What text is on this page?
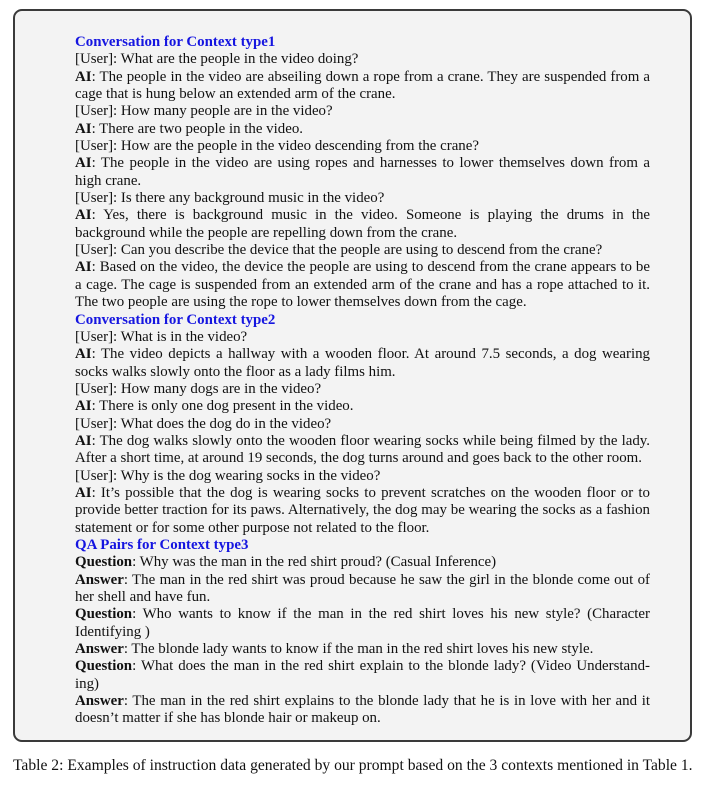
Conversation for Context type1
[User]: What are the people in the video doing?
AI: The people in the video are abseiling down a rope from a crane. They are suspended from a cage that is hung below an extended arm of the crane.
[User]: How many people are in the video?
AI: There are two people in the video.
[User]: How are the people in the video descending from the crane?
AI: The people in the video are using ropes and harnesses to lower themselves down from a high crane.
[User]: Is there any background music in the video?
AI: Yes, there is background music in the video. Someone is playing the drums in the background while the people are repelling down from the crane.
[User]: Can you describe the device that the people are using to descend from the crane?
AI: Based on the video, the device the people are using to descend from the crane appears to be a cage. The cage is suspended from an extended arm of the crane and has a rope attached to it. The two people are using the rope to lower themselves down from the cage.
Conversation for Context type2
[User]: What is in the video?
AI: The video depicts a hallway with a wooden floor. At around 7.5 seconds, a dog wearing socks walks slowly onto the floor as a lady films him.
[User]: How many dogs are in the video?
AI: There is only one dog present in the video.
[User]: What does the dog do in the video?
AI: The dog walks slowly onto the wooden floor wearing socks while being filmed by the lady. After a short time, at around 19 seconds, the dog turns around and goes back to the other room.
[User]: Why is the dog wearing socks in the video?
AI: It’s possible that the dog is wearing socks to prevent scratches on the wooden floor or to provide better traction for its paws. Alternatively, the dog may be wearing the socks as a fashion statement or for some other purpose not related to the floor.
QA Pairs for Context type3
Question: Why was the man in the red shirt proud? (Casual Inference)
Answer: The man in the red shirt was proud because he saw the girl in the blonde come out of her shell and have fun.
Question: Who wants to know if the man in the red shirt loves his new style? (Character Identifying )
Answer: The blonde lady wants to know if the man in the red shirt loves his new style.
Question: What does the man in the red shirt explain to the blonde lady? (Video Understand-ing)
Answer: The man in the red shirt explains to the blonde lady that he is in love with her and it doesn’t matter if she has blonde hair or makeup on.
Table 2: Examples of instruction data generated by our prompt based on the 3 contexts mentioned in Table 1.
